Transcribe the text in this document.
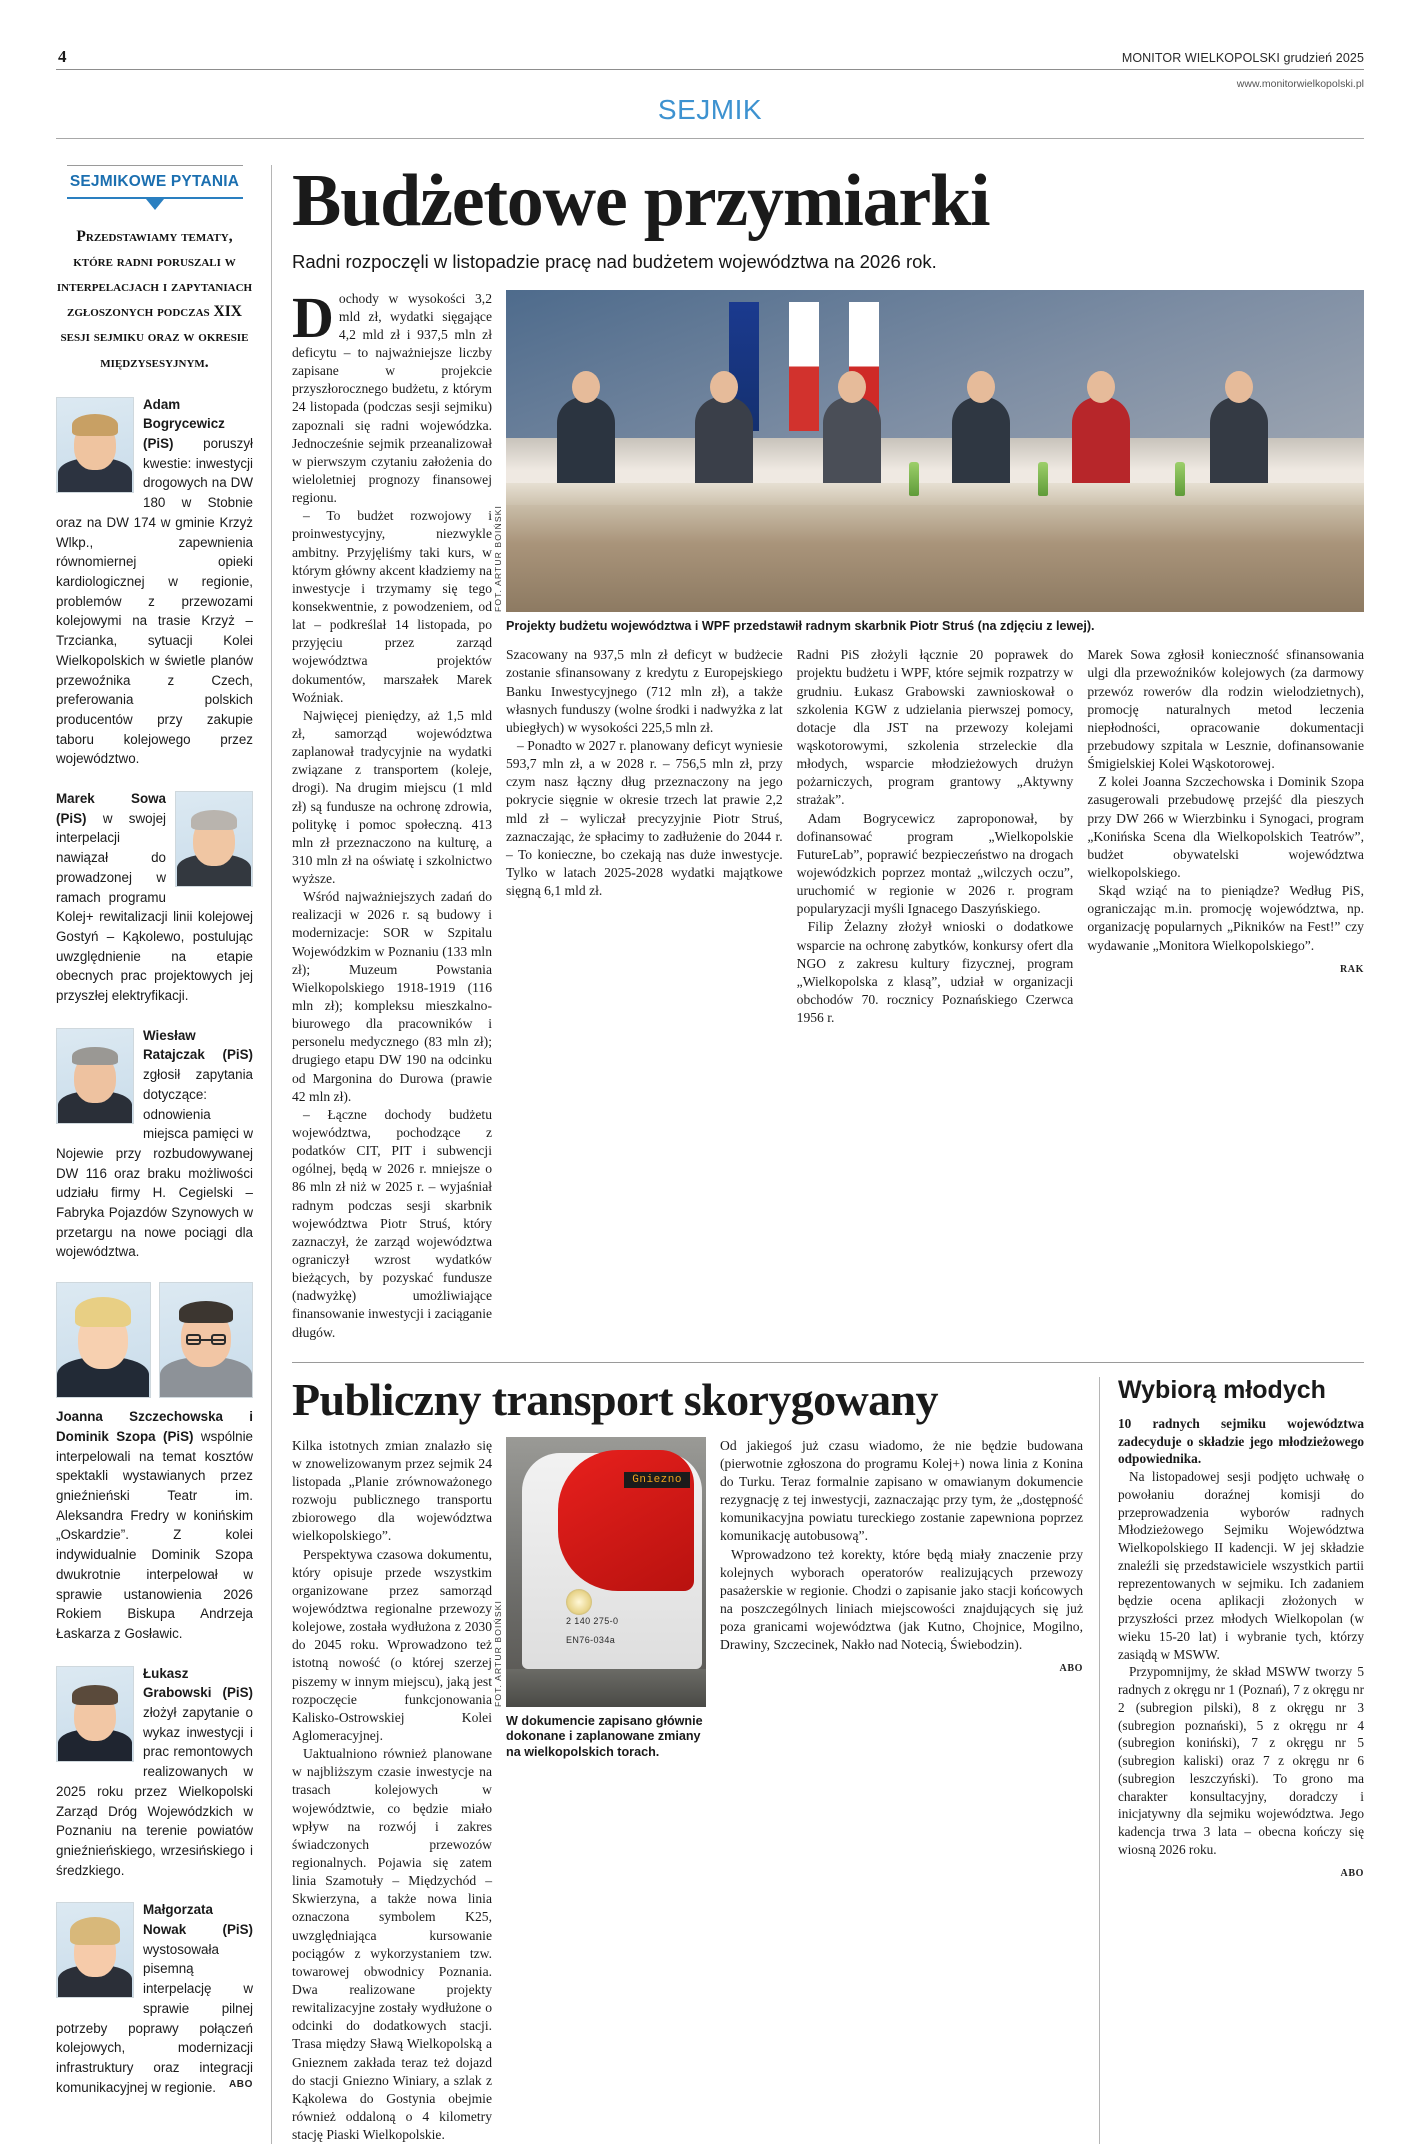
4	MONITOR WIELKOPOLSKI grudzień 2025
www.monitorwielkopolski.pl
SEJMIK
SEJMIKOWE PYTANIA
Przedstawiamy tematy, które radni poruszali w interpelacjach i zapytaniach zgłoszonych podczas XIX sesji sejmiku oraz w okresie międzysesyjnym.
Adam Bogrycewicz (PiS) poruszył kwestie: inwestycji drogowych na DW 180 w Stobnie oraz na DW 174 w gminie Krzyż Wlkp., zapewnienia równomiernej opieki kardiologicznej w regionie, problemów z przewozami kolejowymi na trasie Krzyż – Trzcianka, sytuacji Kolei Wielkopolskich w świetle planów przewoźnika z Czech, preferowania polskich producentów przy zakupie taboru kolejowego przez województwo.
Marek Sowa (PiS) w swojej interpelacji nawiązał do prowadzonej w ramach programu Kolej+ rewitalizacji linii kolejowej Gostyń – Kąkolewo, postulując uwzględnienie na etapie obecnych prac projektowych jej przyszłej elektryfikacji.
Wiesław Ratajczak (PiS) zgłosił zapytania dotyczące: odnowienia miejsca pamięci w Nojewie przy rozbudowywanej DW 116 oraz braku możliwości udziału firmy H. Cegielski – Fabryka Pojazdów Szynowych w przetargu na nowe pociągi dla województwa.
Joanna Szczechowska i Dominik Szopa (PiS) wspólnie interpelowali na temat kosztów spektakli wystawianych przez gnieźnieński Teatr im. Aleksandra Fredry w konińskim „Oskardzie”. Z kolei indywidualnie Dominik Szopa dwukrotnie interpelował w sprawie ustanowienia 2026 Rokiem Biskupa Andrzeja Łaskarza z Gosławic.
Łukasz Grabowski (PiS) złożył zapytanie o wykaz inwestycji i prac remontowych realizowanych w 2025 roku przez Wielkopolski Zarząd Dróg Wojewódzkich w Poznaniu na terenie powiatów gnieźnieńskiego, wrzesińskiego i średzkiego.
Małgorzata Nowak (PiS) wystosowała pisemną interpelację w sprawie pilnej potrzeby poprawy połączeń kolejowych, modernizacji infrastruktury oraz integracji komunikacyjnej w regionie.	ABO
Budżetowe przymiarki
Radni rozpoczęli w listopadzie pracę nad budżetem województwa na 2026 rok.

Dochody w wysokości 3,2 mld zł, wydatki sięgające 4,2 mld zł i 937,5 mln zł deficytu – to najważniejsze liczby zapisane w projekcie przyszłorocznego budżetu, z którym 24 listopada (podczas sesji sejmiku) zapoznali się radni wojewódzka. Jednocześnie sejmik przeanalizował w pierwszym czytaniu założenia do wieloletniej prognozy finansowej regionu.

– To budżet rozwojowy i proinwestycyjny, niezwykle ambitny. Przyjęliśmy taki kurs, w którym główny akcent kładziemy na inwestycje i trzymamy się tego konsekwentnie, z powodzeniem, od lat – podkreślał 14 listopada, po przyjęciu przez zarząd województwa projektów dokumentów, marszałek Marek Woźniak.

Najwięcej pieniędzy, aż 1,5 mld zł, samorząd województwa zaplanował tradycyjnie na wydatki związane z transportem (koleje, drogi). Na drugim miejscu (1 mld zł) są fundusze na ochronę zdrowia, politykę i pomoc społeczną. 413 mln zł przeznaczono na kulturę, a 310 mln zł na oświatę i szkolnictwo wyższe.

Wśród najważniejszych zadań do realizacji w 2026 r. są budowy i modernizacje: SOR w Szpitalu Wojewódzkim w Poznaniu (133 mln zł); Muzeum Powstania Wielkopolskiego 1918-1919 (116 mln zł); kompleksu mieszkalno-biurowego dla pracowników i personelu medycznego (83 mln zł); drugiego etapu DW 190 na odcinku od Margonina do Durowa (prawie 42 mln zł).

– Łączne dochody budżetu województwa, pochodzące z podatków CIT, PIT i subwencji ogólnej, będą w 2026 r. mniejsze o 86 mln zł niż w 2025 r. – wyjaśniał radnym podczas sesji skarbnik województwa Piotr Struś, który zaznaczył, że zarząd województwa ograniczył wzrost wydatków bieżących, by pozyskać fundusze (nadwyżkę) umożliwiające finansowanie inwestycji i zaciąganie długów.

FOT. ARTUR BOIŃSKI
Projekty budżetu województwa i WPF przedstawił radnym skarbnik Piotr Struś (na zdjęciu z lewej).

Szacowany na 937,5 mln zł deficyt w budżecie zostanie sfinansowany z kredytu z Europejskiego Banku Inwestycyjnego (712 mln zł), a także własnych funduszy (wolne środki i nadwyżka z lat ubiegłych) w wysokości 225,5 mln zł.

– Ponadto w 2027 r. planowany deficyt wyniesie 593,7 mln zł, a w 2028 r. – 756,5 mln zł, przy czym nasz łączny dług przeznaczony na jego pokrycie sięgnie w okresie trzech lat prawie 2,2 mld zł – wyliczał precyzyjnie Piotr Struś, zaznaczając, że spłacimy to zadłużenie do 2044 r. – To konieczne, bo czekają nas duże inwestycje. Tylko w latach 2025-2028 wydatki majątkowe sięgną 6,1 mld zł.

Radni PiS złożyli łącznie 20 poprawek do projektu budżetu i WPF, które sejmik rozpatrzy w grudniu. Łukasz Grabowski zawnioskował o szkolenia KGW z udzielania pierwszej pomocy, dotacje dla JST na przewozy kolejami wąskotorowymi, szkolenia strzeleckie dla młodych, wsparcie młodzieżowych drużyn pożarniczych, program grantowy „Aktywny strażak”.

Adam Bogrycewicz zaproponował, by dofinansować program „Wielkopolskie FutureLab”, poprawić bezpieczeństwo na drogach wojewódzkich poprzez montaż „wilczych oczu”, uruchomić w regionie w 2026 r. program popularyzacji myśli Ignacego Daszyńskiego.

Filip Żelazny złożył wnioski o dodatkowe wsparcie na ochronę zabytków, konkursy ofert dla NGO z zakresu kultury fizycznej, program „Wielkopolska z klasą”, udział w organizacji obchodów 70. rocznicy Poznańskiego Czerwca 1956 r.

Marek Sowa zgłosił konieczność sfinansowania ulgi dla przewoźników kolejowych (za darmowy przewóz rowerów dla rodzin wielodzietnych), promocję naturalnych metod leczenia niepłodności, opracowanie dokumentacji przebudowy szpitala w Lesznie, dofinansowanie Śmigielskiej Kolei Wąskotorowej.

Z kolei Joanna Szczechowska i Dominik Szopa zasugerowali przebudowę przejść dla pieszych przy DW 266 w Wierzbinku i Synogaci, program „Konińska Scena dla Wielkopolskich Teatrów”, budżet obywatelski województwa wielkopolskiego.

Skąd wziąć na to pieniądze? Według PiS, ograniczając m.in. promocję województwa, np. organizację popularnych „Pikników na Fest!” czy wydawanie „Monitora Wielkopolskiego”.

RAK

Publiczny transport skorygowany

Kilka istotnych zmian znalazło się w znowelizowanym przez sejmik 24 listopada „Planie zrównoważonego rozwoju publicznego transportu zbiorowego dla województwa wielkopolskiego”.

Perspektywa czasowa dokumentu, który opisuje przede wszystkim organizowane przez samorząd województwa regionalne przewozy kolejowe, została wydłużona z 2030 do 2045 roku. Wprowadzono też istotną nowość (o której szerzej piszemy w innym miejscu), jaką jest rozpoczęcie funkcjonowania Kalisko-Ostrowskiej Kolei Aglomeracyjnej.

Uaktualniono również planowane w najbliższym czasie inwestycje na trasach kolejowych w województwie, co będzie miało wpływ na rozwój i zakres świadczonych przewozów regionalnych. Pojawia się zatem linia Szamotuły – Międzychód – Skwierzyna, a także nowa linia oznaczona symbolem K25, uwzględniająca kursowanie pociągów z wykorzystaniem tzw. towarowej obwodnicy Poznania. Dwa realizowane projekty rewitalizacyjne zostały wydłużone o odcinki do dodatkowych stacji. Trasa między Sławą Wielkopolską a Gnieznem zakłada teraz też dojazd do stacji Gniezno Winiary, a szlak z Kąkolewa do Gostynia obejmie również oddaloną o 4 kilometry stację Piaski Wielkopolskie.

Gniezno
2 140 275-0
EN76-034a
FOT. ARTUR BOIŃSKI
W dokumencie zapisano głównie dokonane i zaplanowane zmiany na wielkopolskich torach.

Od jakiegoś już czasu wiadomo, że nie będzie budowana (pierwotnie zgłoszona do programu Kolej+) nowa linia z Konina do Turku. Teraz formalnie zapisano w omawianym dokumencie rezygnację z tej inwestycji, zaznaczając przy tym, że „dostępność komunikacyjna powiatu tureckiego zostanie zapewniona poprzez komunikację autobusową”.

Wprowadzono też korekty, które będą miały znaczenie przy kolejnych wyborach operatorów realizujących przewozy pasażerskie w regionie. Chodzi o zapisanie jako stacji końcowych na poszczególnych liniach miejscowości znajdujących się już poza granicami województwa (jak Kutno, Chojnice, Mogilno, Drawiny, Szczecinek, Nakło nad Notecią, Świebodzin).

ABO

Wybiorą młodych

10 radnych sejmiku województwa zadecyduje o składzie jego młodzieżowego odpowiednika.

Na listopadowej sesji podjęto uchwałę o powołaniu doraźnej komisji do przeprowadzenia wyborów radnych Młodzieżowego Sejmiku Województwa Wielkopolskiego II kadencji. W jej składzie znaleźli się przedstawiciele wszystkich partii reprezentowanych w sejmiku. Ich zadaniem będzie ocena aplikacji złożonych w przyszłości przez młodych Wielkopolan (w wieku 15-20 lat) i wybranie tych, którzy zasiądą w MSWW.

Przypomnijmy, że skład MSWW tworzy 5 radnych z okręgu nr 1 (Poznań), 7 z okręgu nr 2 (subregion pilski), 8 z okręgu nr 3 (subregion poznański), 5 z okręgu nr 4 (subregion koniński), 7 z okręgu nr 5 (subregion kaliski) oraz 7 z okręgu nr 6 (subregion leszczyński). To grono ma charakter konsultacyjny, doradczy i inicjatywny dla sejmiku województwa. Jego kadencja trwa 3 lata – obecna kończy się wiosną 2026 roku.

ABO
